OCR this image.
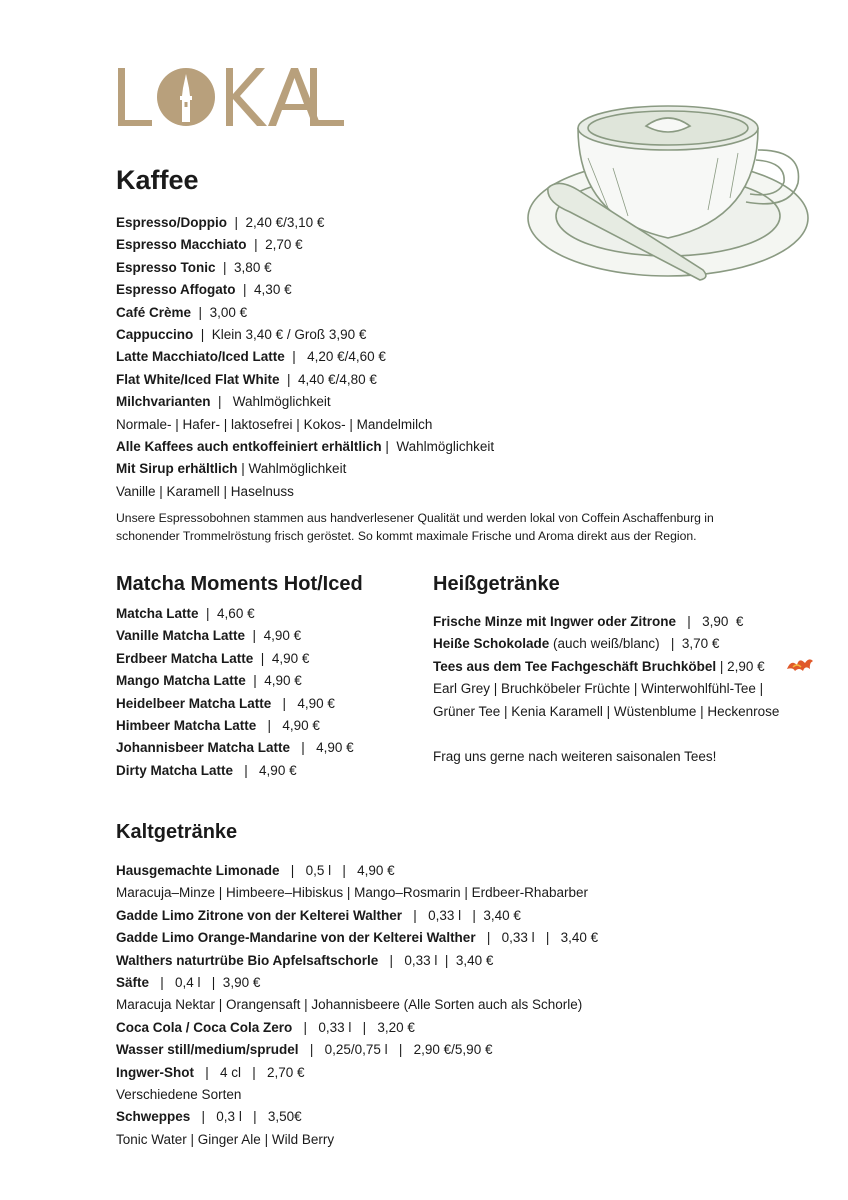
Kaffee
Espresso/Doppio  |  2,40 €/3,10 €
Espresso Macchiato  |  2,70 €
Espresso Tonic  |  3,80 €
Espresso Affogato  |  4,30 €
Café Crème  |  3,00 €
Cappuccino  |  Klein 3,40 € / Groß 3,90 €
Latte Macchiato/Iced Latte  |   4,20 €/4,60 €
Flat White/Iced Flat White  |  4,40 €/4,80 €
Milchvarianten  |   Wahlmöglichkeit
Normale- | Hafer- | laktosefrei | Kokos- | Mandelmilch
Alle Kaffees auch entkoffeiniert erhältlich |  Wahlmöglichkeit
Mit Sirup erhältlich | Wahlmöglichkeit
Vanille | Karamell | Haselnuss
Unsere Espressobohnen stammen aus handverlesener Qualität und werden lokal von Coffein Aschaffenburg in schonender Trommelröstung frisch geröstet. So kommt maximale Frische und Aroma direkt aus der Region.
Matcha Moments Hot/Iced
Matcha Latte  |  4,60 €
Vanille Matcha Latte  |  4,90 €
Erdbeer Matcha Latte  |  4,90 €
Mango Matcha Latte  |  4,90 €
Heidelbeer Matcha Latte   |   4,90 €
Himbeer Matcha Latte   |   4,90 €
Johannisbeer Matcha Latte   |   4,90 €
Dirty Matcha Latte   |   4,90 €
Heißgetränke
Frische Minze mit Ingwer oder Zitrone   |   3,90  €
Heiße Schokolade (auch weiß/blanc)   |  3,70 €
Tees aus dem Tee Fachgeschäft Bruchköbel | 2,90 €
Earl Grey | Bruchköbeler Früchte | Winterwohlfühl-Tee |
Grüner Tee | Kenia Karamell | Wüstenblume | Heckenrose
Frag uns gerne nach weiteren saisonalen Tees!
Kaltgetränke
Hausgemachte Limonade   |   0,5 l   |   4,90 €
Maracuja–Minze | Himbeere–Hibiskus | Mango–Rosmarin | Erdbeer-Rhabarber
Gadde Limo Zitrone von der Kelterei Walther   |   0,33 l   |  3,40 €
Gadde Limo Orange-Mandarine von der Kelterei Walther   |   0,33 l   |   3,40 €
Walthers naturtrübe Bio Apfelsaftschorle   |   0,33 l  |  3,40 €
Säfte   |   0,4 l   |  3,90 €
Maracuja Nektar | Orangensaft | Johannisbeere (Alle Sorten auch als Schorle)
Coca Cola / Coca Cola Zero   |   0,33 l   |   3,20 €
Wasser still/medium/sprudel   |   0,25/0,75 l   |   2,90 €/5,90 €
Ingwer-Shot   |   4 cl   |   2,70 €
Verschiedene Sorten
Schweppes   |   0,3 l   |   3,50€
Tonic Water | Ginger Ale | Wild Berry
